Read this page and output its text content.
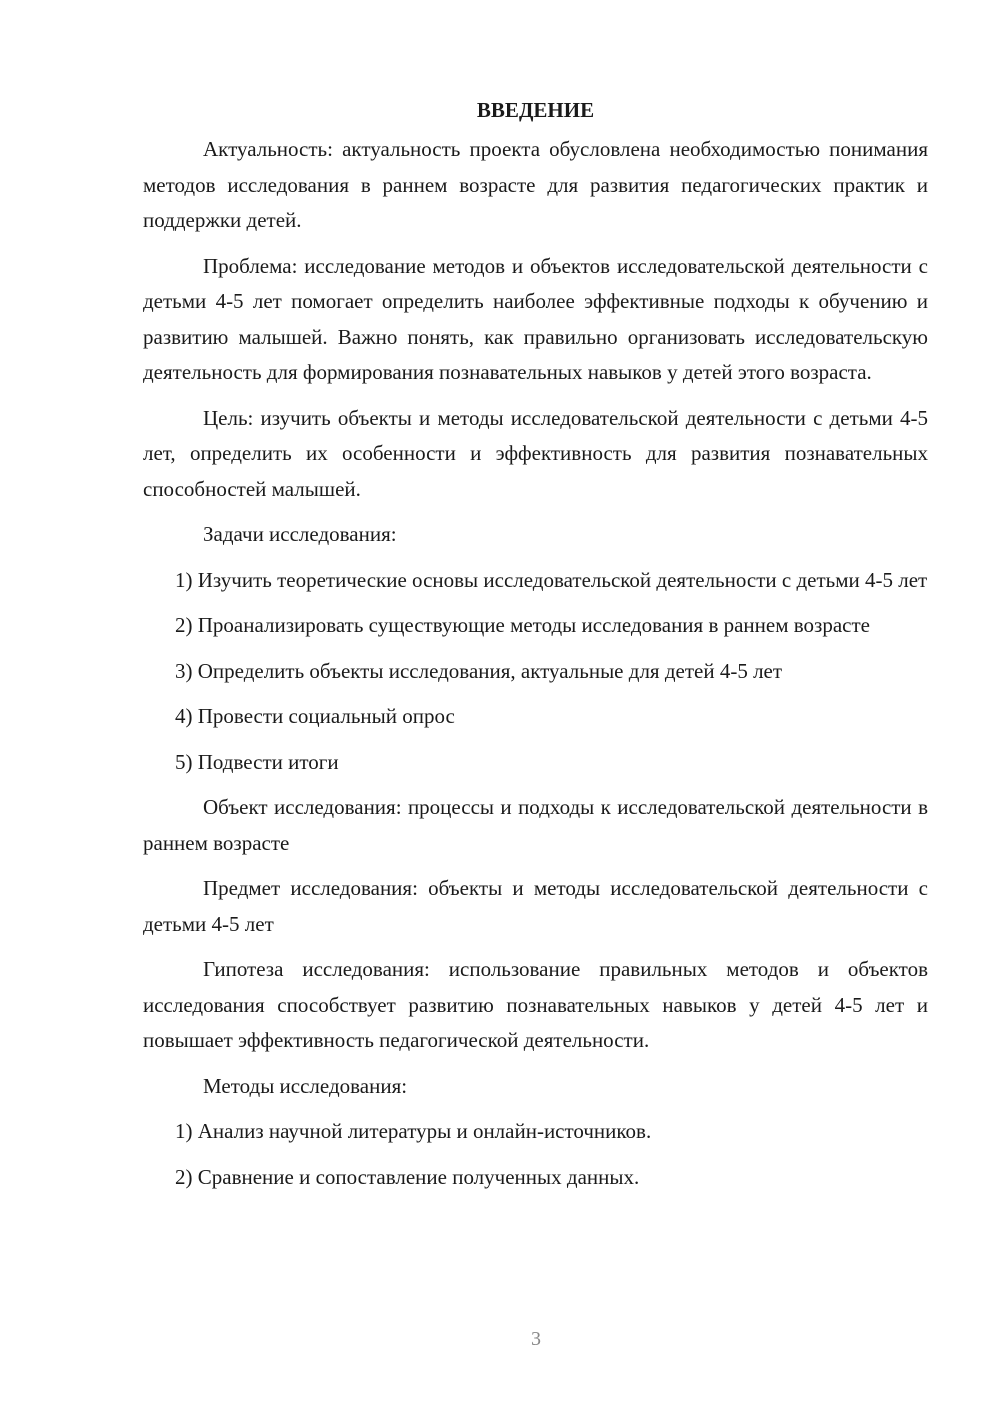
ВВЕДЕНИЕ

Актуальность: актуальность проекта обусловлена необходимостью понимания методов исследования в раннем возрасте для развития педагогических практик и поддержки детей.

Проблема: исследование методов и объектов исследовательской деятельности с детьми 4-5 лет помогает определить наиболее эффективные подходы к обучению и развитию малышей. Важно понять, как правильно организовать исследовательскую деятельность для формирования познавательных навыков у детей этого возраста.

Цель: изучить объекты и методы исследовательской деятельности с детьми 4-5 лет, определить их особенности и эффективность для развития познавательных способностей малышей.

Задачи исследования:

1) Изучить теоретические основы исследовательской деятельности с детьми 4-5 лет

2) Проанализировать существующие методы исследования в раннем возрасте

3) Определить объекты исследования, актуальные для детей 4-5 лет

4) Провести социальный опрос

5) Подвести итоги

Объект исследования: процессы и подходы к исследовательской деятельности в раннем возрасте

Предмет исследования: объекты и методы исследовательской деятельности с детьми 4-5 лет

Гипотеза исследования: использование правильных методов и объектов исследования способствует развитию познавательных навыков у детей 4-5 лет и повышает эффективность педагогической деятельности.

Методы исследования:

1) Анализ научной литературы и онлайн-источников.

2) Сравнение и сопоставление полученных данных.

3
